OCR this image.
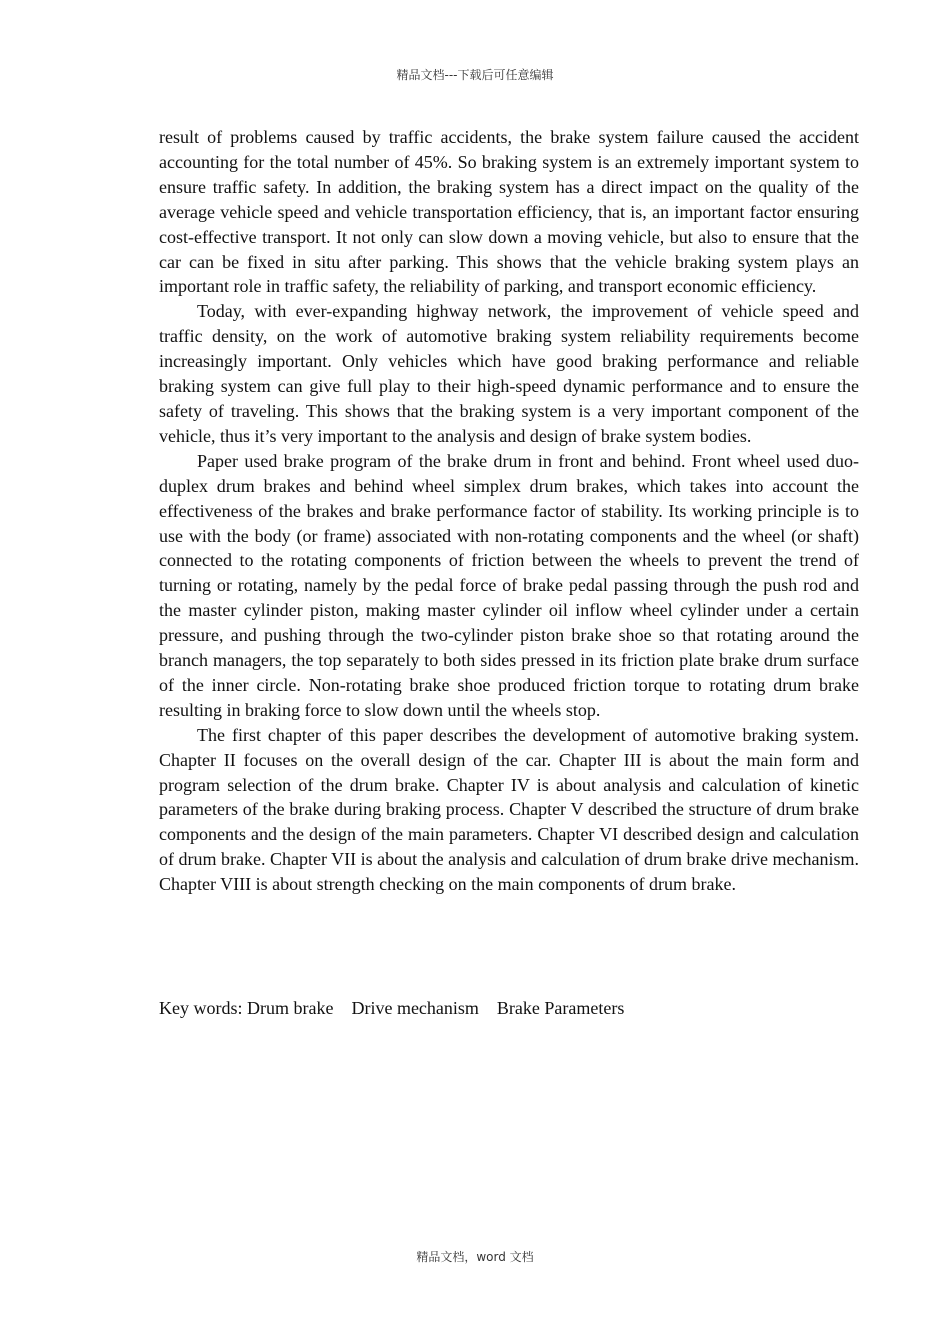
精品文档---下载后可任意编辑

result of problems caused by traffic accidents, the brake system failure caused the accident accounting for the total number of 45%. So braking system is an extremely important system to ensure traffic safety. In addition, the braking system has a direct impact on the quality of the average vehicle speed and vehicle transportation efficiency, that is, an important factor ensuring cost-effective transport. It not only can slow down a moving vehicle, but also to ensure that the car can be fixed in situ after parking. This shows that the vehicle braking system plays an important role in traffic safety, the reliability of parking, and transport economic efficiency.

Today, with ever-expanding highway network, the improvement of vehicle speed and traffic density, on the work of automotive braking system reliability requirements become increasingly important. Only vehicles which have good braking performance and reliable braking system can give full play to their high-speed dynamic performance and to ensure the safety of traveling. This shows that the braking system is a very important component of the vehicle, thus it’s very important to the analysis and design of brake system bodies.

Paper used brake program of the brake drum in front and behind. Front wheel used duo-duplex drum brakes and behind wheel simplex drum brakes, which takes into account the effectiveness of the brakes and brake performance factor of stability. Its working principle is to use with the body (or frame) associated with non-rotating components and the wheel (or shaft) connected to the rotating components of friction between the wheels to prevent the trend of turning or rotating, namely by the pedal force of brake pedal passing through the push rod and the master cylinder piston, making master cylinder oil inflow wheel cylinder under a certain pressure, and pushing through the two-cylinder piston brake shoe so that rotating around the branch managers, the top separately to both sides pressed in its friction plate brake drum surface of the inner circle. Non-rotating brake shoe produced friction torque to rotating drum brake resulting in braking force to slow down until the wheels stop.

The first chapter of this paper describes the development of automotive braking system. Chapter II focuses on the overall design of the car. Chapter III is about the main form and program selection of the drum brake. Chapter IV is about analysis and calculation of kinetic parameters of the brake during braking process. Chapter V described the structure of drum brake components and the design of the main parameters. Chapter VI described design and calculation of drum brake. Chapter VII is about the analysis and calculation of drum brake drive mechanism. Chapter VIII is about strength checking on the main components of drum brake.

Key words: Drum brake    Drive mechanism    Brake Parameters
精品文档，word 文档
